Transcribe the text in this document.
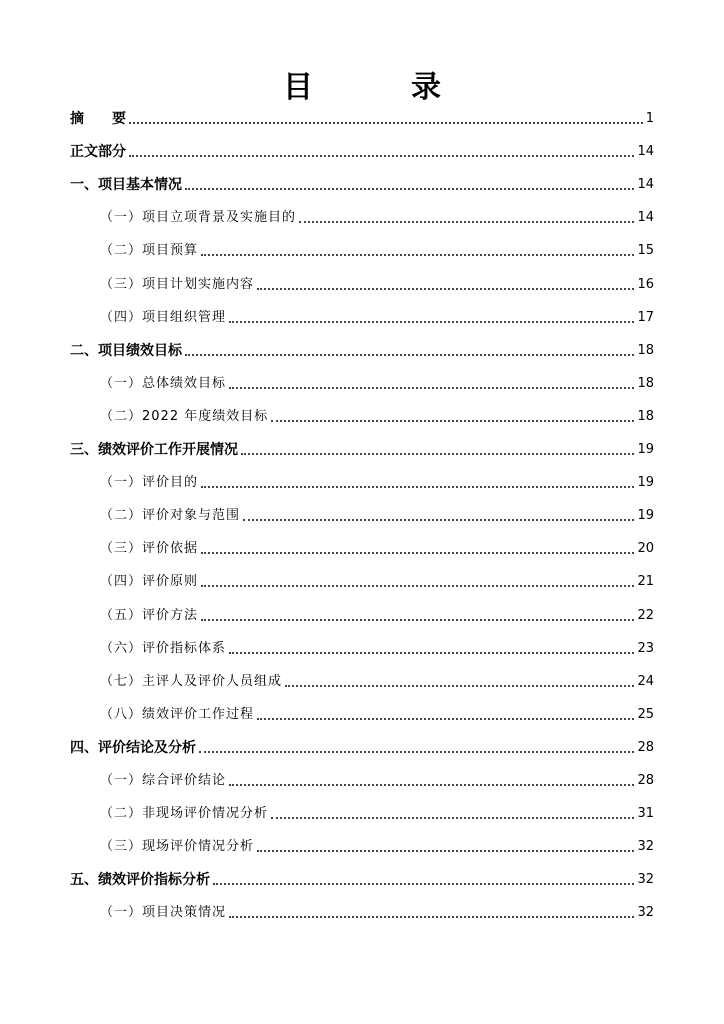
目　录
摘　　要	1
正文部分	14
一、项目基本情况	14
（一）项目立项背景及实施目的	14
（二）项目预算	15
（三）项目计划实施内容	16
（四）项目组织管理	17
二、项目绩效目标	18
（一）总体绩效目标	18
（二）2022 年度绩效目标	18
三、绩效评价工作开展情况	19
（一）评价目的	19
（二）评价对象与范围	19
（三）评价依据	20
（四）评价原则	21
（五）评价方法	22
（六）评价指标体系	23
（七）主评人及评价人员组成	24
（八）绩效评价工作过程	25
四、评价结论及分析	28
（一）综合评价结论	28
（二）非现场评价情况分析	31
（三）现场评价情况分析	32
五、绩效评价指标分析	32
（一）项目决策情况	32
